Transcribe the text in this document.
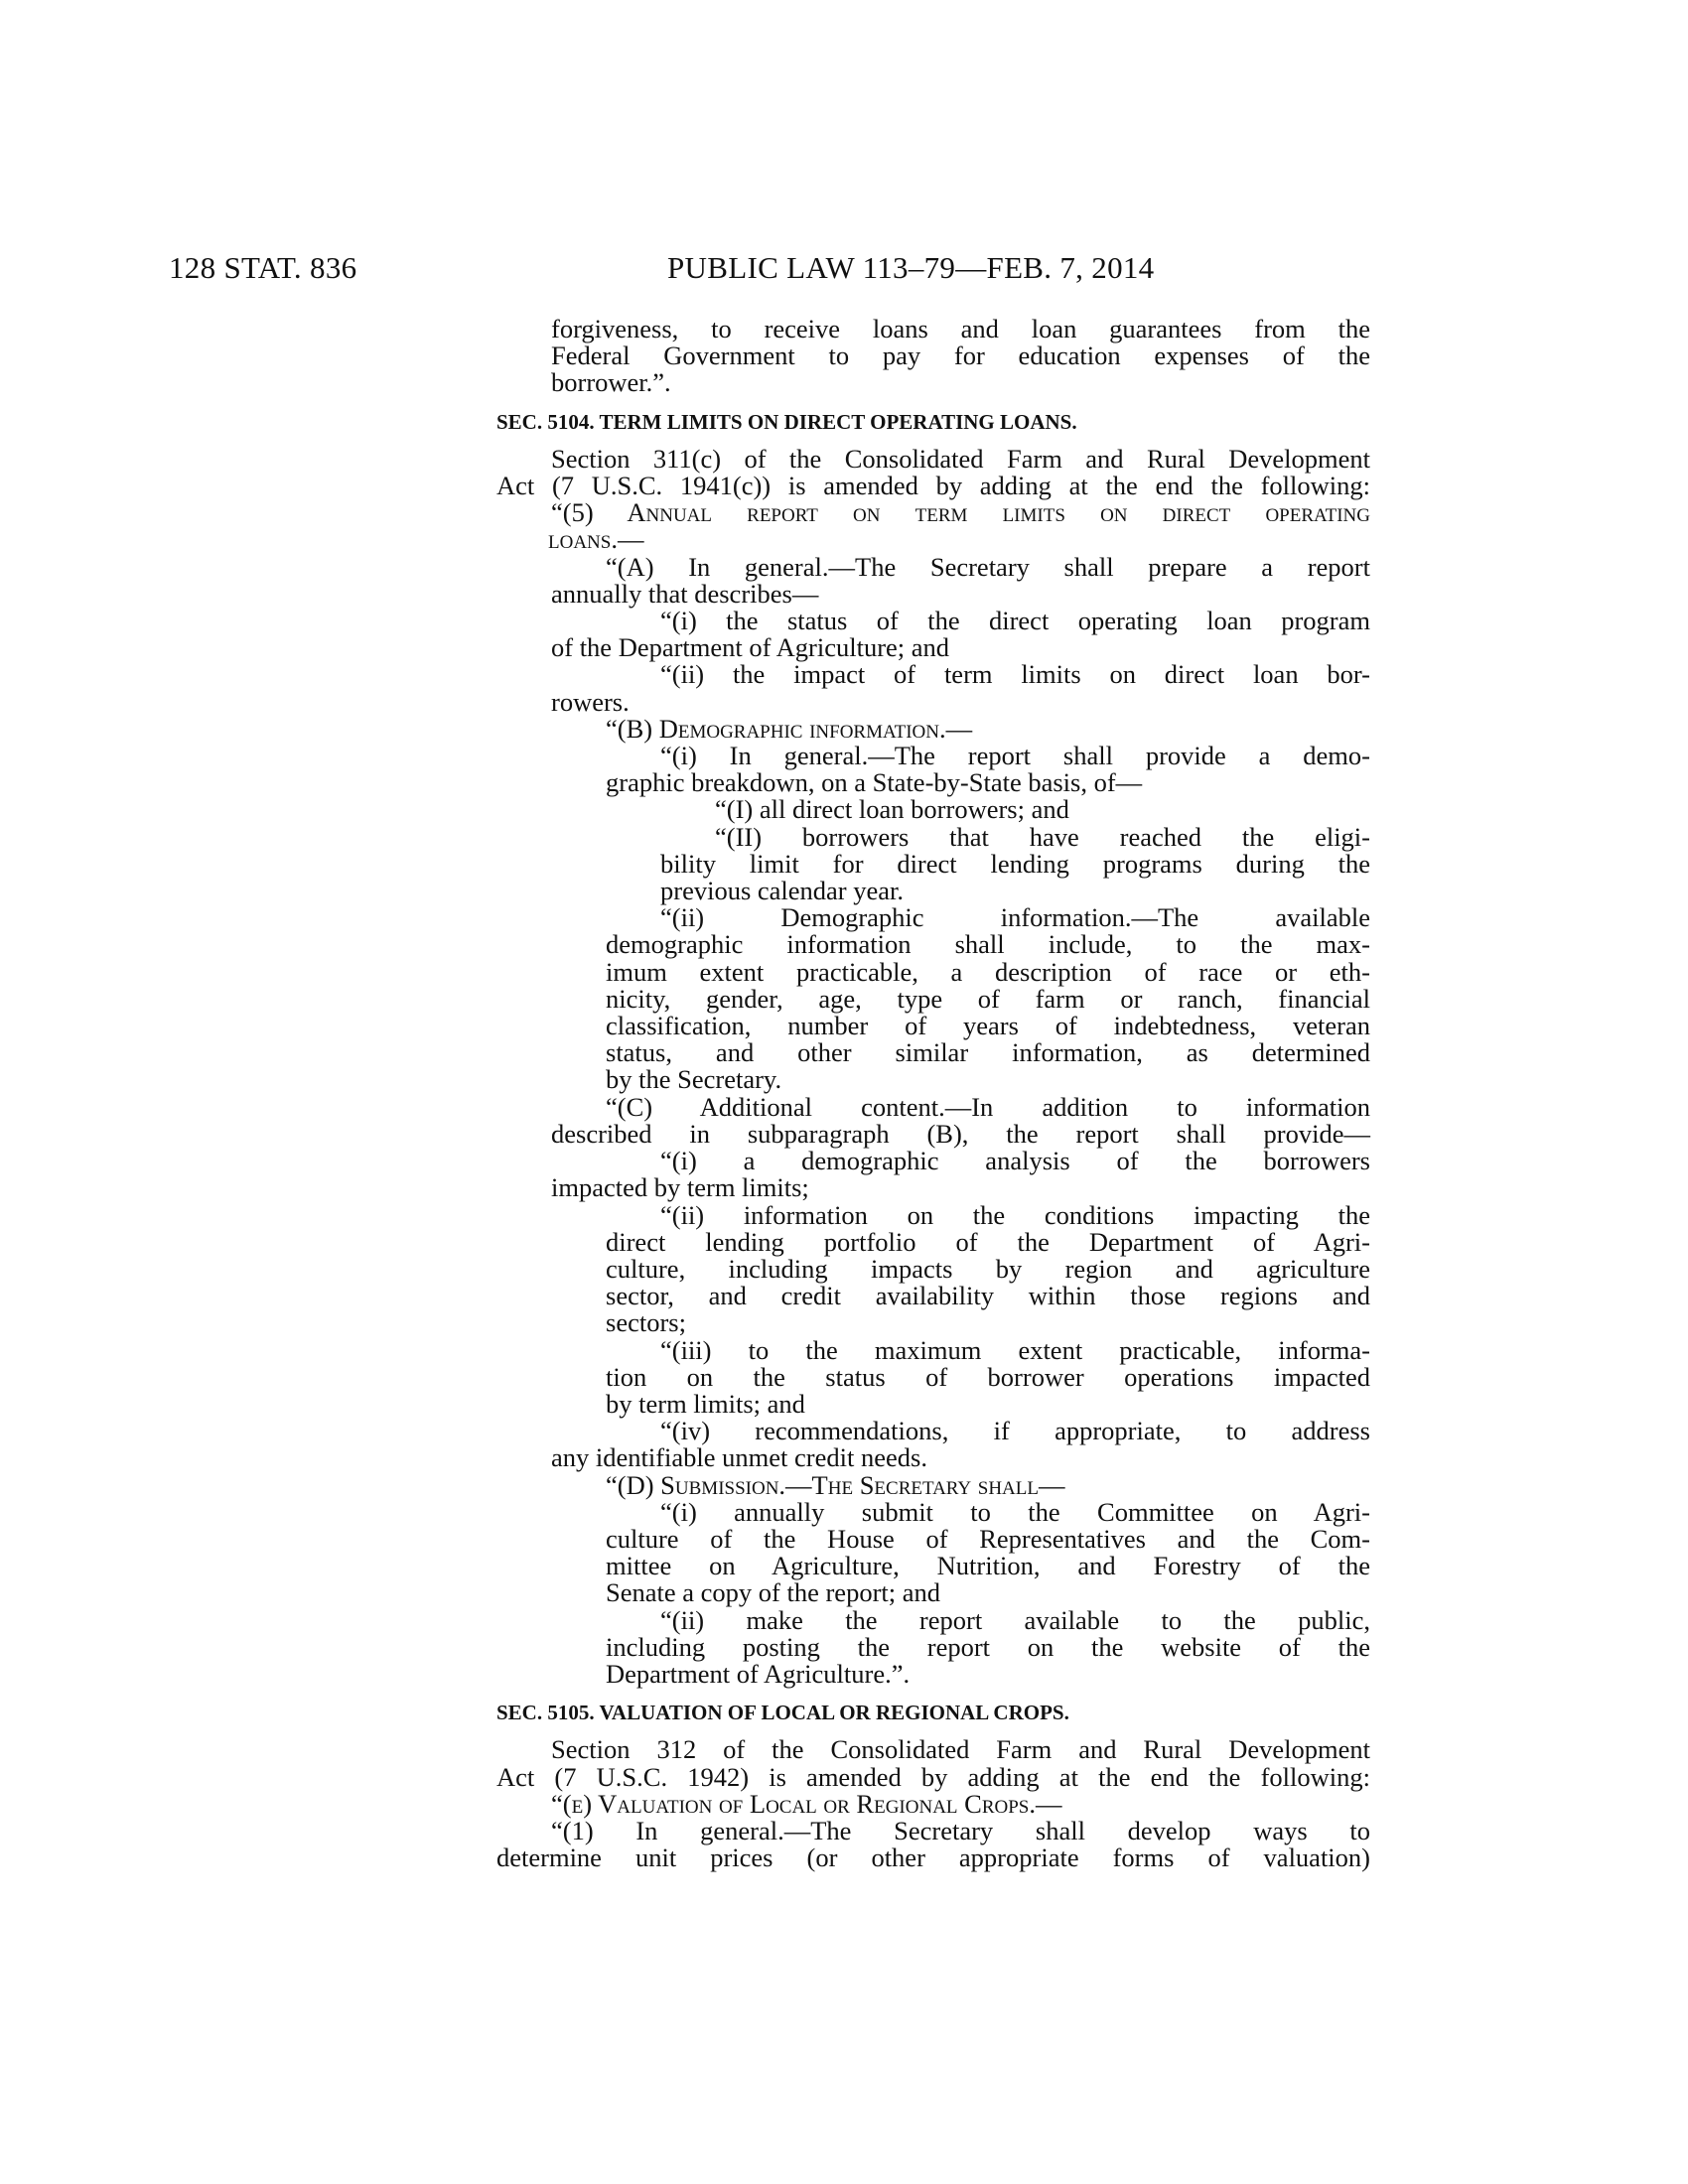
128 STAT. 836	PUBLIC LAW 113–79—FEB. 7, 2014
forgiveness, to receive loans and loan guarantees from the
Federal Government to pay for education expenses of the
borrower.”.
SEC. 5104. TERM LIMITS ON DIRECT OPERATING LOANS.
Section 311(c) of the Consolidated Farm and Rural Development
Act (7 U.S.C. 1941(c)) is amended by adding at the end the following:
“(5) Annual report on term limits on direct operating
loans.—
“(A) In general.—The Secretary shall prepare a report
annually that describes—
“(i) the status of the direct operating loan program
of the Department of Agriculture; and
“(ii) the impact of term limits on direct loan bor-
rowers.
“(B) Demographic information.—
“(i) In general.—The report shall provide a demo-
graphic breakdown, on a State-by-State basis, of—
“(I) all direct loan borrowers; and
“(II) borrowers that have reached the eligi-
bility limit for direct lending programs during the
previous calendar year.
“(ii) Demographic information.—The available
demographic information shall include, to the max-
imum extent practicable, a description of race or eth-
nicity, gender, age, type of farm or ranch, financial
classification, number of years of indebtedness, veteran
status, and other similar information, as determined
by the Secretary.
“(C) Additional content.—In addition to information
described in subparagraph (B), the report shall provide—
“(i) a demographic analysis of the borrowers
impacted by term limits;
“(ii) information on the conditions impacting the
direct lending portfolio of the Department of Agri-
culture, including impacts by region and agriculture
sector, and credit availability within those regions and
sectors;
“(iii) to the maximum extent practicable, informa-
tion on the status of borrower operations impacted
by term limits; and
“(iv) recommendations, if appropriate, to address
any identifiable unmet credit needs.
“(D) Submission.—The Secretary shall—
“(i) annually submit to the Committee on Agri-
culture of the House of Representatives and the Com-
mittee on Agriculture, Nutrition, and Forestry of the
Senate a copy of the report; and
“(ii) make the report available to the public,
including posting the report on the website of the
Department of Agriculture.”.
SEC. 5105. VALUATION OF LOCAL OR REGIONAL CROPS.
Section 312 of the Consolidated Farm and Rural Development
Act (7 U.S.C. 1942) is amended by adding at the end the following:
“(e) Valuation of Local or Regional Crops.—
“(1) In general.—The Secretary shall develop ways to
determine unit prices (or other appropriate forms of valuation)
